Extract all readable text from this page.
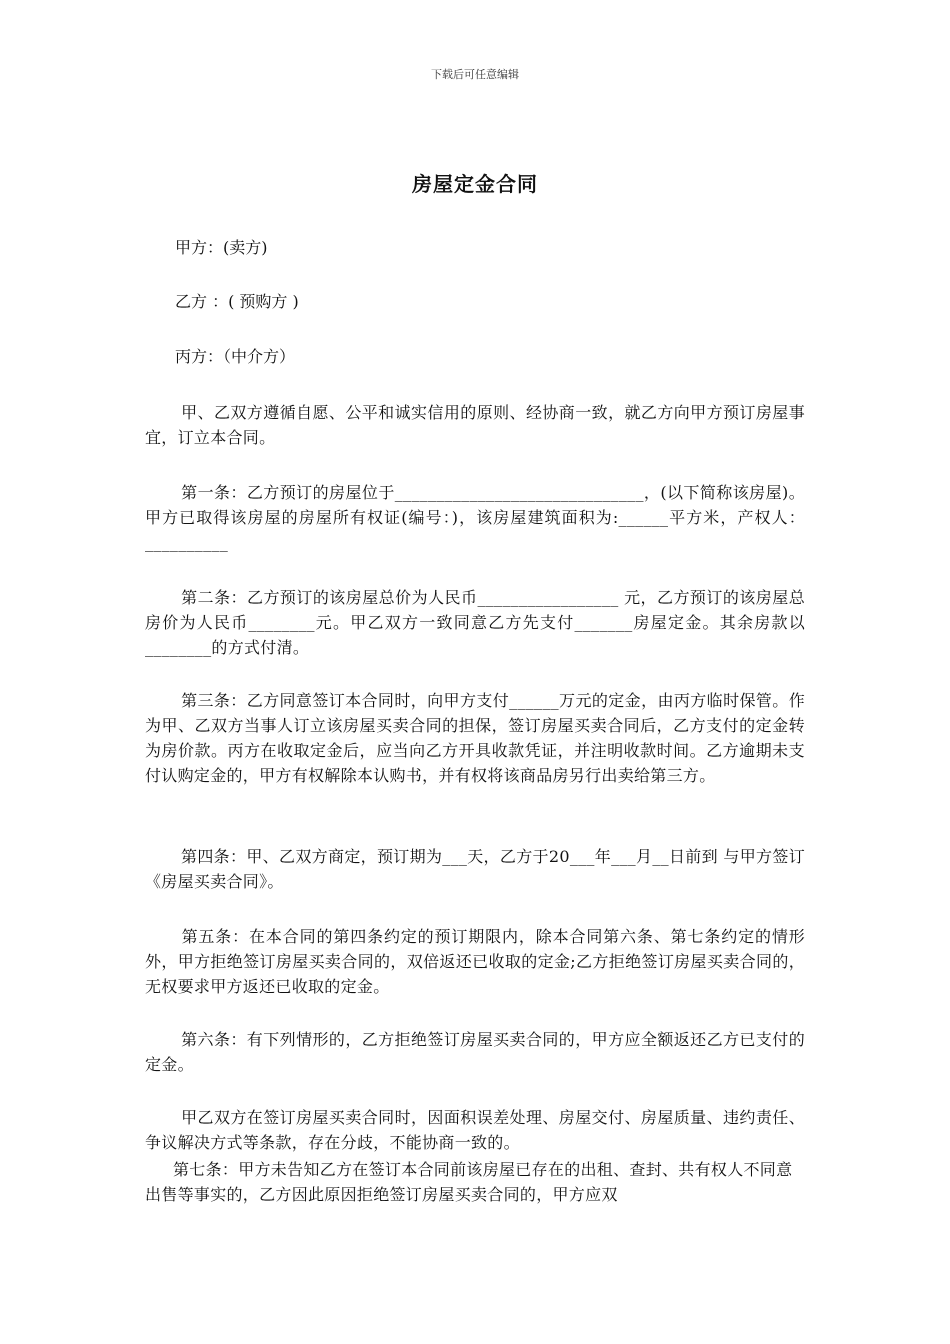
下载后可任意编辑
房屋定金合同
甲方：(卖方)
乙方 ：( 预购方 )
丙方：（中介方）
甲、乙双方遵循自愿、公平和诚实信用的原则、经协商一致，就乙方向甲方预订房屋事宜，订立本合同。
第一条：乙方预订的房屋位于______________________________，(以下简称该房屋)。甲方已取得该房屋的房屋所有权证(编号：)，该房屋建筑面积为:______平方米，产权人：__________
第二条：乙方预订的该房屋总价为人民币_________________ 元，乙方预订的该房屋总房价为人民币________元。甲乙双方一致同意乙方先支付_______房屋定金。其余房款以________的方式付清。
第三条：乙方同意签订本合同时，向甲方支付______万元的定金，由丙方临时保管。作为甲、乙双方当事人订立该房屋买卖合同的担保，签订房屋买卖合同后，乙方支付的定金转为房价款。丙方在收取定金后，应当向乙方开具收款凭证，并注明收款时间。乙方逾期未支付认购定金的，甲方有权解除本认购书，并有权将该商品房另行出卖给第三方。
第四条：甲、乙双方商定，预订期为___天，乙方于20___年___月__日前到 与甲方签订《房屋买卖合同》。
第五条：在本合同的第四条约定的预订期限内，除本合同第六条、第七条约定的情形外，甲方拒绝签订房屋买卖合同的，双倍返还已收取的定金;乙方拒绝签订房屋买卖合同的，无权要求甲方返还已收取的定金。
第六条：有下列情形的，乙方拒绝签订房屋买卖合同的，甲方应全额返还乙方已支付的定金。
甲乙双方在签订房屋买卖合同时，因面积误差处理、房屋交付、房屋质量、违约责任、争议解决方式等条款，存在分歧，不能协商一致的。
第七条：甲方未告知乙方在签订本合同前该房屋已存在的出租、查封、共有权人不同意出售等事实的，乙方因此原因拒绝签订房屋买卖合同的，甲方应双
